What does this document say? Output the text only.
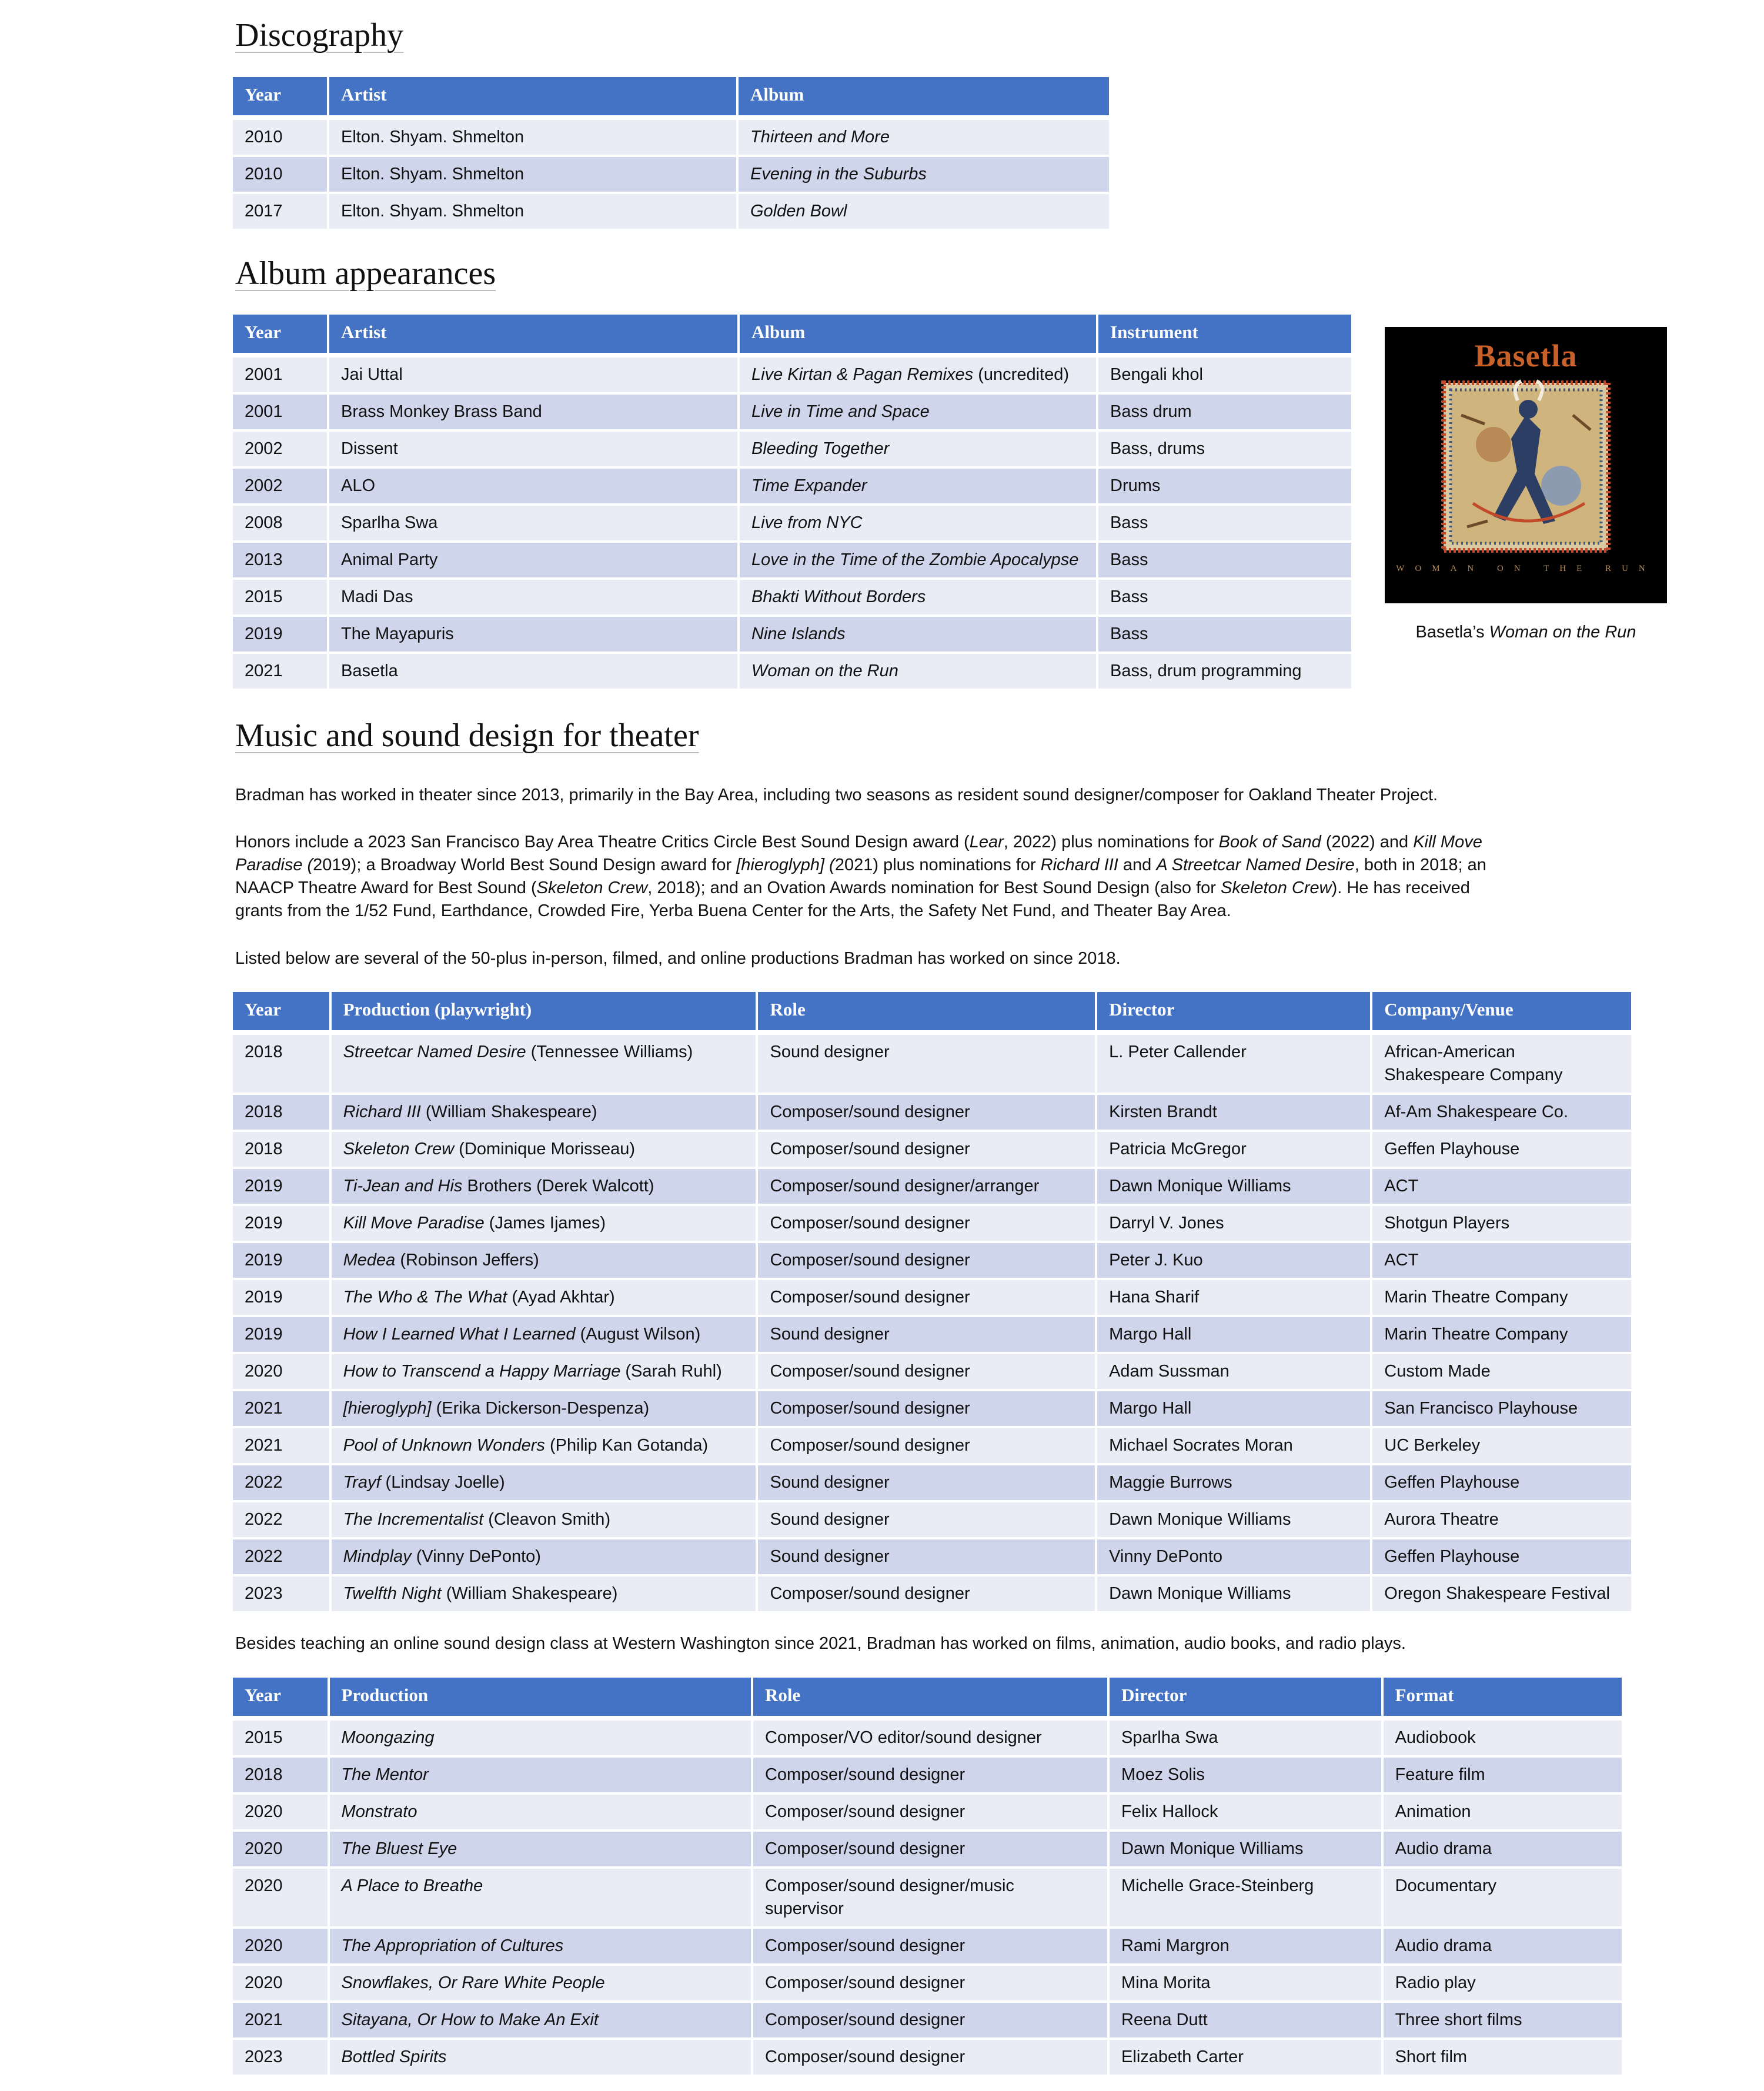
Discography
Year	Artist	Album

2010	Elton. Shyam. Shmelton	Thirteen and More
2010	Elton. Shyam. Shmelton	Evening in the Suburbs
2017	Elton. Shyam. Shmelton	Golden Bowl
Album appearances
Year	Artist	Album	Instrument

2001	Jai Uttal	Live Kirtan & Pagan Remixes (uncredited)	Bengali khol
2001	Brass Monkey Brass Band	Live in Time and Space	Bass drum
2002	Dissent	Bleeding Together	Bass, drums
2002	ALO	Time Expander	Drums
2008	Sparlha Swa	Live from NYC	Bass
2013	Animal Party	Love in the Time of the Zombie Apocalypse	Bass
2015	Madi Das	Bhakti Without Borders	Bass
2019	The Mayapuris	Nine Islands	Bass
2021	Basetla	Woman on the Run	Bass, drum programming
Basetla
WOMAN ON THE RUN
Basetla’s Woman on the Run
Music and sound design for theater

Bradman has worked in theater since 2013, primarily in the Bay Area, including two seasons as resident sound designer/composer for Oakland Theater Project.

Honors include a 2023 San Francisco Bay Area Theatre Critics Circle Best Sound Design award (Lear, 2022) plus nominations for Book of Sand (2022) and Kill Move Paradise (2019); a Broadway World Best Sound Design award for [hieroglyph] (2021) plus nominations for Richard III and A Streetcar Named Desire, both in 2018; an NAACP Theatre Award for Best Sound (Skeleton Crew, 2018); and an Ovation Awards nomination for Best Sound Design (also for Skeleton Crew). He has received grants from the 1/52 Fund, Earthdance, Crowded Fire, Yerba Buena Center for the Arts, the Safety Net Fund, and Theater Bay Area.

Listed below are several of the 50-plus in-person, filmed, and online productions Bradman has worked on since 2018.

Year	Production (playwright)	Role	Director	Company/Venue

2018	Streetcar Named Desire (Tennessee Williams)	Sound designer	L. Peter Callender	African-American Shakespeare Company
2018	Richard III (William Shakespeare)	Composer/sound designer	Kirsten Brandt	Af-Am Shakespeare Co.
2018	Skeleton Crew (Dominique Morisseau)	Composer/sound designer	Patricia McGregor	Geffen Playhouse
2019	Ti-Jean and His Brothers (Derek Walcott)	Composer/sound designer/arranger	Dawn Monique Williams	ACT
2019	Kill Move Paradise (James Ijames)	Composer/sound designer	Darryl V. Jones	Shotgun Players
2019	Medea (Robinson Jeffers)	Composer/sound designer	Peter J. Kuo	ACT
2019	The Who & The What (Ayad Akhtar)	Composer/sound designer	Hana Sharif	Marin Theatre Company
2019	How I Learned What I Learned (August Wilson)	Sound designer	Margo Hall	Marin Theatre Company
2020	How to Transcend a Happy Marriage (Sarah Ruhl)	Composer/sound designer	Adam Sussman	Custom Made
2021	[hieroglyph] (Erika Dickerson-Despenza)	Composer/sound designer	Margo Hall	San Francisco Playhouse
2021	Pool of Unknown Wonders (Philip Kan Gotanda)	Composer/sound designer	Michael Socrates Moran	UC Berkeley
2022	Trayf (Lindsay Joelle)	Sound designer	Maggie Burrows	Geffen Playhouse
2022	The Incrementalist (Cleavon Smith)	Sound designer	Dawn Monique Williams	Aurora Theatre
2022	Mindplay (Vinny DePonto)	Sound designer	Vinny DePonto	Geffen Playhouse
2023	Twelfth Night (William Shakespeare)	Composer/sound designer	Dawn Monique Williams	Oregon Shakespeare Festival

Besides teaching an online sound design class at Western Washington since 2021, Bradman has worked on films, animation, audio books, and radio plays.

Year	Production	Role	Director	Format

2015	Moongazing	Composer/VO editor/sound designer	Sparlha Swa	Audiobook
2018	The Mentor	Composer/sound designer	Moez Solis	Feature film
2020	Monstrato	Composer/sound designer	Felix Hallock	Animation
2020	The Bluest Eye	Composer/sound designer	Dawn Monique Williams	Audio drama
2020	A Place to Breathe	Composer/sound designer/music supervisor	Michelle Grace-Steinberg	Documentary
2020	The Appropriation of Cultures	Composer/sound designer	Rami Margron	Audio drama
2020	Snowflakes, Or Rare White People	Composer/sound designer	Mina Morita	Radio play
2021	Sitayana, Or How to Make An Exit	Composer/sound designer	Reena Dutt	Three short films
2023	Bottled Spirits	Composer/sound designer	Elizabeth Carter	Short film
